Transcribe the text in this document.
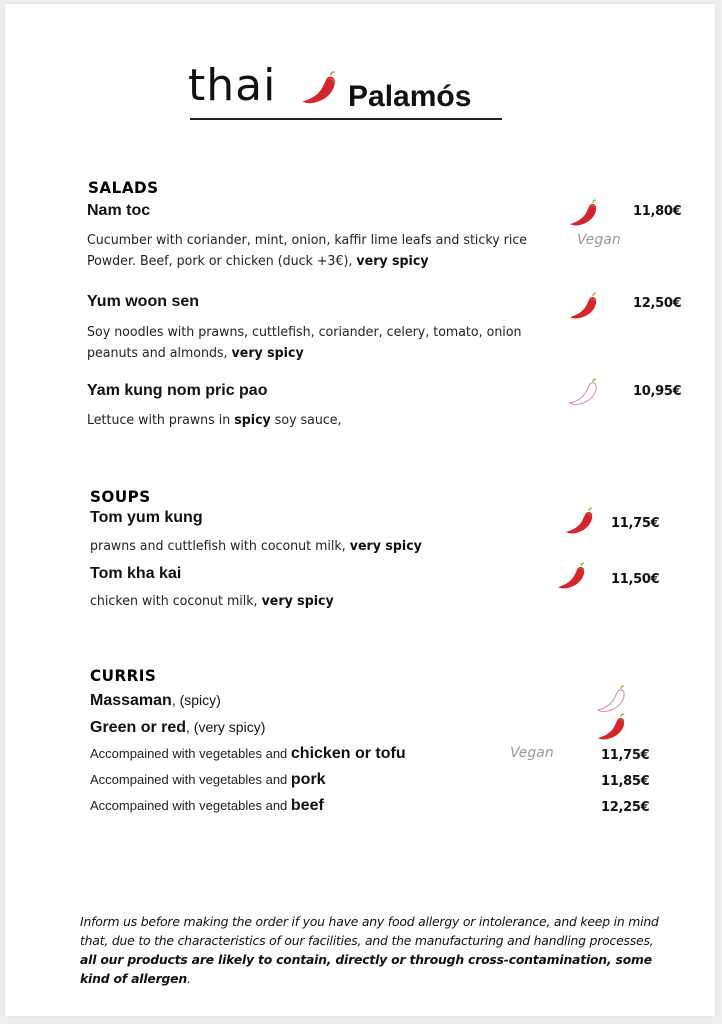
thai Palamós
SALADS
Nam toc	11,80€
Cucumber with coriander, mint, onion, kaffir lime leafs and sticky rice	Vegan
Powder. Beef, pork or chicken (duck +3€), very spicy
Yum woon sen	12,50€
Soy noodles with prawns, cuttlefish, coriander, celery, tomato, onion
peanuts and almonds, very spicy
Yam kung nom pric pao	10,95€
Lettuce with prawns in spicy soy sauce,
SOUPS
Tom yum kung	11,75€
prawns and cuttlefish with coconut milk, very spicy
Tom kha kai	11,50€
chicken with coconut milk, very spicy
CURRIS
Massaman, (spicy)
Green or red, (very spicy)
Accompained with vegetables and chicken or tofu	Vegan	11,75€
Accompained with vegetables and pork	11,85€
Accompained with vegetables and beef	12,25€
Inform us before making the order if you have any food allergy or intolerance, and keep in mind that, due to the characteristics of our facilities, and the manufacturing and handling processes, all our products are likely to contain, directly or through cross-contamination, some kind of allergen.
